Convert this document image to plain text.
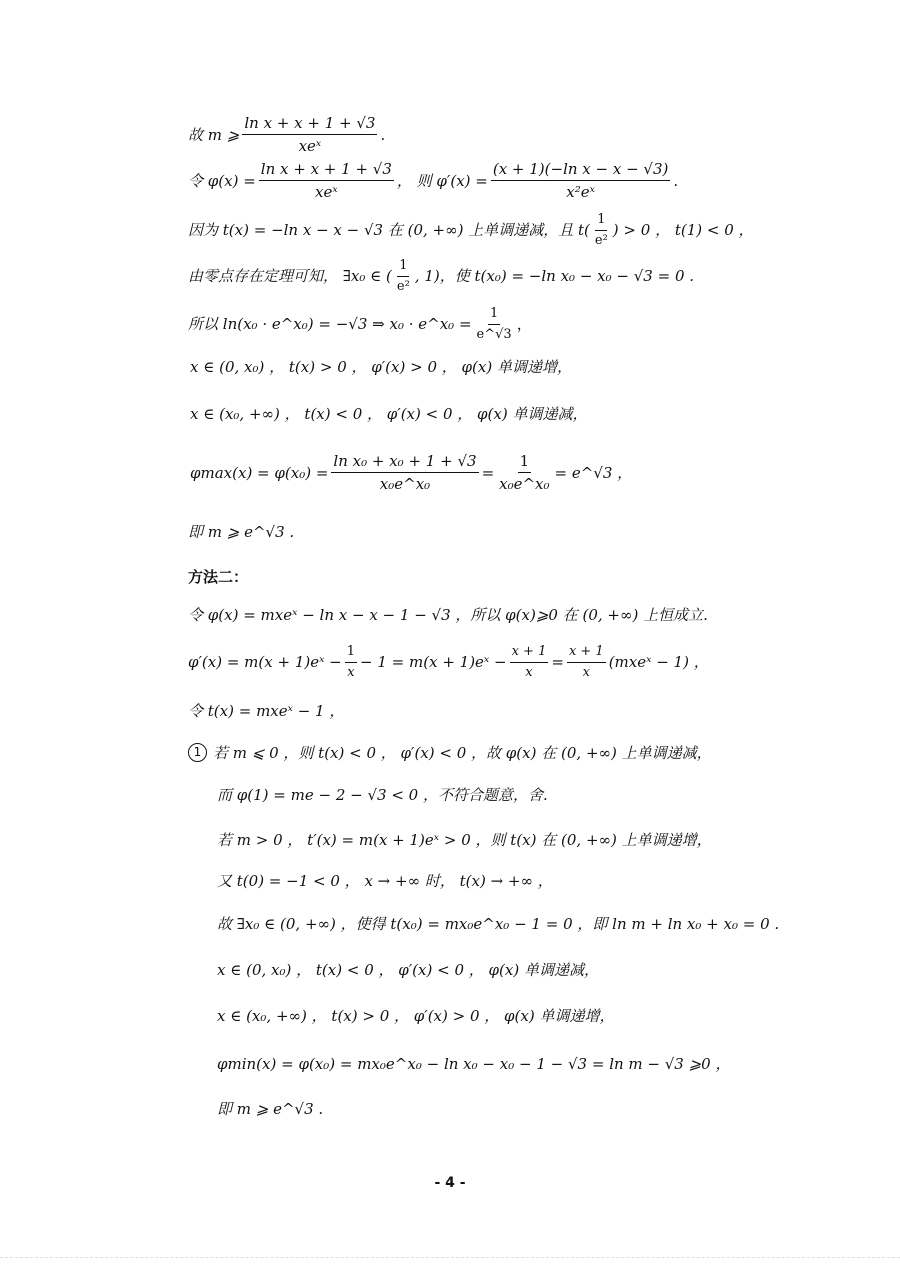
故 m ⩾ $\frac{\text{ln x + x + 1 + √3}}{\text{xeˣ}}$ .
令 $\varphi(x) = \frac{\text{ln x + x + 1 + √3}}{\text{xeˣ}}$ ， 则 $\varphi'(x) = \frac{\text{(x + 1)(−ln x − x − √3)}}{\text{x²eˣ}}$ .
因为 t(x) = −ln x − x − √3 在 (0, +∞) 上单调递减，且 $t( \frac{1}{\text{e²}}$ ) > 0 ， t(1) < 0 ，
由零点存在定理可知， ∃x₀ ∈ ( $\frac{1}{\text{e²}}$ , 1)，使 t(x₀) = −ln x₀ − x₀ − √3 = 0 .
所以 ln(x₀ · e^x₀) = −√3 ⇒ x₀ · e^x₀ = $\frac{1}{e\^{}√3}$ ，
x ∈ (0, x₀) ， t(x) > 0 ， φ′(x) > 0 ， φ(x) 单调递增，
x ∈ (x₀, +∞) ， t(x) < 0 ， φ′(x) < 0 ， φ(x) 单调递减，
$\varphi\max(x) = \varphi(x_0) = \frac{\text{ln x₀ + x₀ + 1 + √3}}{\text{x₀e\textasciicircum{}x₀}} = \frac{1}{\text{x₀e\textasciicircum{}x₀}}$ = e^√3 ，
即 m ⩾ e^√3 .
方法二：
令 φ(x) = mxeˣ − ln x − x − 1 − √3 ，所以 φ(x)⩾0 在 (0, +∞) 上恒成立.
φ′(x) = m(x + 1)eˣ − $\frac{1}{x} - 1 = m(x$ + 1)eˣ − $\frac{x + 1}{x} = \frac{x + 1}{x}$ (mxeˣ − 1) ，
令 t(x) = mxeˣ − 1 ，
1 若 m ⩽ 0 ，则 t(x) < 0 ， φ′(x) < 0 ，故 φ(x) 在 (0, +∞) 上单调递减，
而 φ(1) = me − 2 − √3 < 0 ，不符合题意，舍.
若 m > 0 ， t′(x) = m(x + 1)eˣ > 0 ，则 t(x) 在 (0, +∞) 上单调递增，
又 t(0) = −1 < 0 ， x → +∞ 时， t(x) → +∞ ，
故 ∃x₀ ∈ (0, +∞) ，使得 t(x₀) = mx₀e^x₀ − 1 = 0 ，即 ln m + ln x₀ + x₀ = 0 .
x ∈ (0, x₀) ， t(x) < 0 ， φ′(x) < 0 ， φ(x) 单调递减，
x ∈ (x₀, +∞) ， t(x) > 0 ， φ′(x) > 0 ， φ(x) 单调递增，
φmin(x) = φ(x₀) = mx₀e^x₀ − ln x₀ − x₀ − 1 − √3 = ln m − √3 ⩾0 ，
即 m ⩾ e^√3 .
- 4 -
